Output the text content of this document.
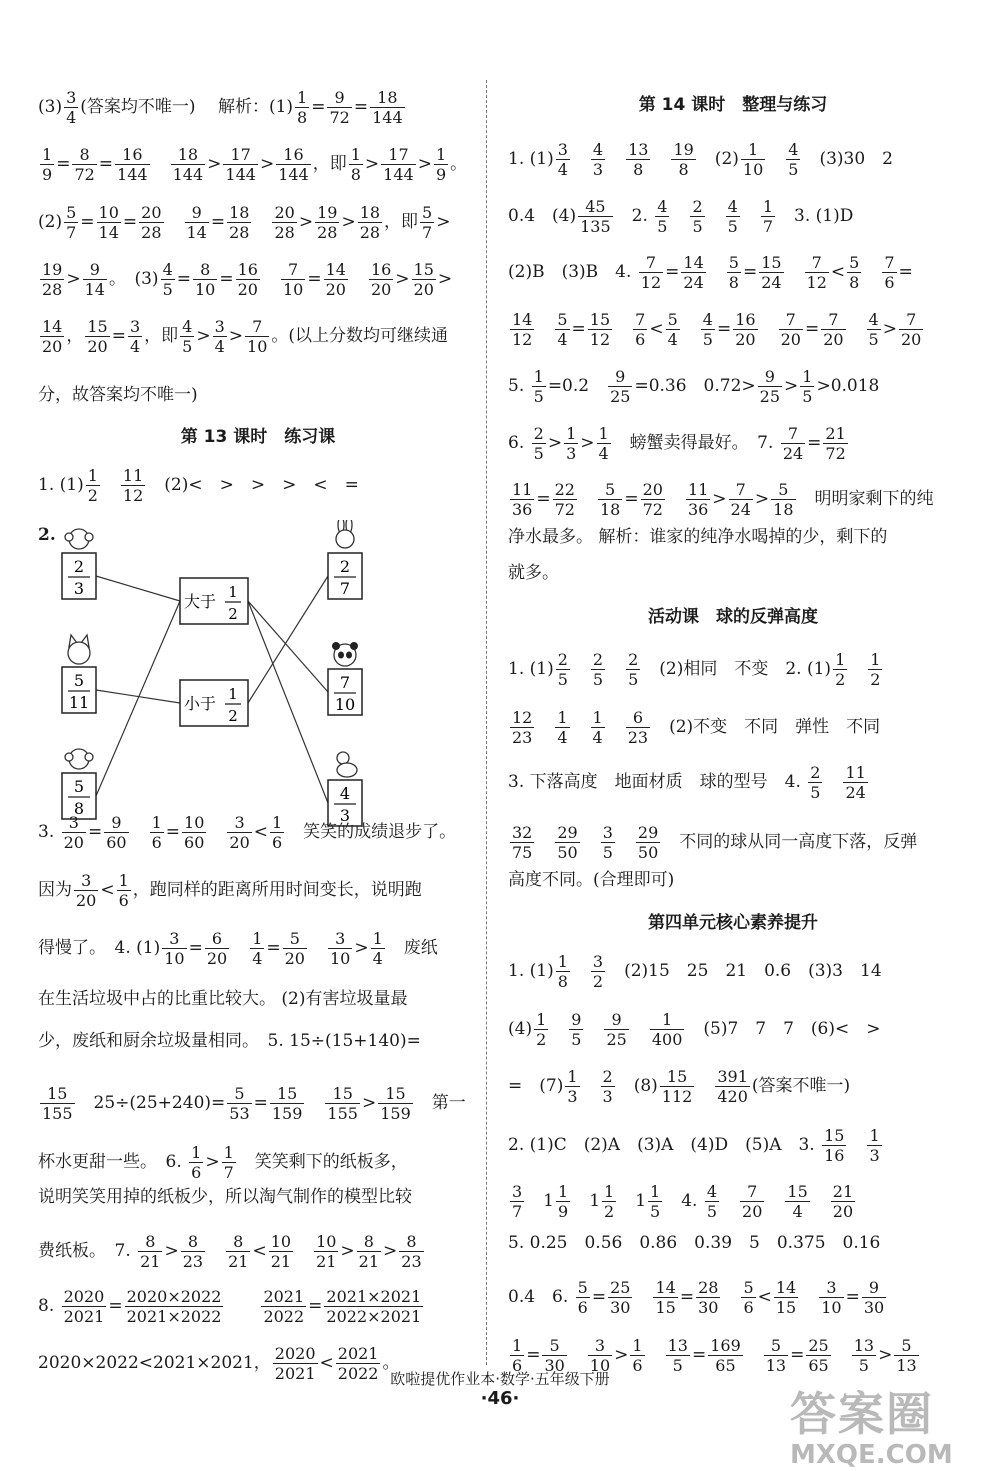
$(3) \frac{3}{4}$ (答案均不唯一)　 解析：$(1) \frac{1}{8} = \frac{9}{72} = \frac{18}{144}$
$\frac{1}{9} = \frac{8}{72} = \frac{16}{144}$
　 $\frac{18}{144} > \frac{17}{144} > \frac{16}{144}$ ，即 $\frac{1}{8} > \frac{17}{144} > \frac{1}{9}$ 。
$(2) \frac{5}{7} = \frac{10}{14} = \frac{20}{28}$
　 $\frac{9}{14} = \frac{18}{28}$
　 $\frac{20}{28} > \frac{19}{28} > \frac{18}{28}$ ，即 $\frac{5}{7}$ >
$\frac{19}{28} > \frac{9}{14}$ 。　$(3) \frac{4}{5} = \frac{8}{10} = \frac{16}{20}$
　 $\frac{7}{10} = \frac{14}{20}$
　 $\frac{16}{20} > \frac{15}{20}$ >
$\frac{14}{20}$ ， $\frac{15}{20} = \frac{3}{4}$ ，即 $\frac{4}{5} > \frac{3}{4} > \frac{7}{10}$ 。(以上分数均可继续通
分，故答案均不唯一)
第 13 课时　练习课
1. $(1) \frac{1}{2}$
　 $\frac{11}{12}$ 　(2)<　>　>　>　<　=
2.
2
3
5
11
5
8
2
7
7
10
4
3
大于 1
2
小于 1
2
3. $\frac{3}{20} = \frac{9}{60}$
　 $\frac{1}{6} = \frac{10}{60}$
　 $\frac{3}{20} < \frac{1}{6}$ 　笑笑的成绩退步了。
因为 $\frac{3}{20} < \frac{1}{6}$ ，跑同样的距离所用时间变长，说明跑
得慢了。　4. $(1) \frac{3}{10} = \frac{6}{20}$
　 $\frac{1}{4} = \frac{5}{20}$
　 $\frac{3}{10} > \frac{1}{4}$ 　废纸
在生活垃圾中占的比重比较大。 (2)有害垃圾量最
少，废纸和厨余垃圾量相同。　5. 15÷(15+140)=
$\frac{15}{155}$ 　$25\div(25+240)= \frac{5}{53} = \frac{15}{159}$
　 $\frac{15}{155} > \frac{15}{159}$ 　第一
杯水更甜一些。　6. $\frac{1}{6} > \frac{1}{7}$ 　笑笑剩下的纸板多，
说明笑笑用掉的纸板少，所以淘气制作的模型比较
费纸板。　7. $\frac{8}{21} > \frac{8}{23}$
　 $\frac{8}{21} < \frac{10}{21}$
　 $\frac{10}{21} > \frac{8}{21} > \frac{8}{23}$
8. $\frac{2020}{2021} = \frac{2020\times 2022}{2021\times 2022}$
　　 $\frac{2021}{2022} = \frac{2021\times 2021}{2022\times 2021}$
2020×2022<2021×2021， $\frac{2020}{2021} < \frac{2021}{2022}$ 。
第 14 课时　整理与练习
1. $(1) \frac{3}{4}$
　 $\frac{4}{3}$
　 $\frac{13}{8}$
　 $\frac{19}{8}$ 　$(2) \frac{1}{10}$
　 $\frac{4}{5}$ 　(3)30　2
0.4　$(4) \frac{45}{135}$ 　2. $\frac{4}{5}$
　 $\frac{2}{5}$
　 $\frac{4}{5}$
　 $\frac{1}{7}$ 　3. (1)D
(2)B　(3)B　4. $\frac{7}{12} = \frac{14}{24}$
　 $\frac{5}{8} = \frac{15}{24}$
　 $\frac{7}{12} < \frac{5}{8}$
　 $\frac{7}{6}$ =
$\frac{14}{12}$
　 $\frac{5}{4} = \frac{15}{12}$
　 $\frac{7}{6} < \frac{5}{4}$
　 $\frac{4}{5} = \frac{16}{20}$
　 $\frac{7}{20} = \frac{7}{20}$
　 $\frac{4}{5} > \frac{7}{20}$
5. $\frac{1}{5} =0.2$　 $\frac{9}{25} =0.36$　$0.72> \frac{9}{25} > \frac{1}{5} >0.018$
6. $\frac{2}{5} > \frac{1}{3} > \frac{1}{4}$ 　螃蟹卖得最好。　7. $\frac{7}{24} = \frac{21}{72}$
$\frac{11}{36} = \frac{22}{72}$
　 $\frac{5}{18} = \frac{20}{72}$
　 $\frac{11}{36} > \frac{7}{24} > \frac{5}{18}$ 　明明家剩下的纯
净水最多。 解析：谁家的纯净水喝掉的少，剩下的
就多。
活动课　球的反弹高度
1. $(1) \frac{2}{5}$
　 $\frac{2}{5}$
　 $\frac{2}{5}$ 　(2)相同　不变　2. $(1) \frac{1}{2}$
　 $\frac{1}{2}$
$\frac{12}{23}$
　 $\frac{1}{4}$
　 $\frac{1}{4}$
　 $\frac{6}{23}$ 　(2)不变　不同　弹性　不同
3. 下落高度　地面材质　球的型号　4. $\frac{2}{5}$
　 $\frac{11}{24}$
$\frac{32}{75}$
　 $\frac{29}{50}$
　 $\frac{3}{5}$
　 $\frac{29}{50}$ 　不同的球从同一高度下落，反弹
高度不同。(合理即可)
第四单元核心素养提升
1. $(1) \frac{1}{8}$
　 $\frac{3}{2}$ 　(2)15　25　21　0.6　(3)3　14
$(4) \frac{1}{2}$
　 $\frac{9}{5}$
　 $\frac{9}{25}$
　 $\frac{1}{400}$ 　(5)7　7　7　(6)<　>
=　$(7) \frac{1}{3}$
　 $\frac{2}{3}$ 　$(8) \frac{15}{112}$
　 $\frac{391}{420}$ (答案不唯一)
2. (1)C　(2)A　(3)A　(4)D　(5)A　3. $\frac{15}{16}$
　 $\frac{1}{3}$
$\frac{3}{7}$ 　$1 \frac{1}{9}$ 　$1 \frac{1}{2}$ 　$1 \frac{1}{5}$ 　4. $\frac{4}{5}$
　 $\frac{7}{20}$
　 $\frac{15}{4}$
　 $\frac{21}{20}$
5. 0.25　0.56　0.86　0.39　5　0.375　0.16
0.4　6. $\frac{5}{6} = \frac{25}{30}$
　 $\frac{14}{15} = \frac{28}{30}$
　 $\frac{5}{6} < \frac{14}{15}$
　 $\frac{3}{10} = \frac{9}{30}$
$\frac{1}{6} = \frac{5}{30}$
　 $\frac{3}{10} > \frac{1}{6}$
　 $\frac{13}{5} = \frac{169}{65}$
　 $\frac{5}{13} = \frac{25}{65}$
　 $\frac{13}{5} > \frac{5}{13}$
欧啦提优作业本·数学·五年级下册
·46·	答案圈
MXQE.COM
